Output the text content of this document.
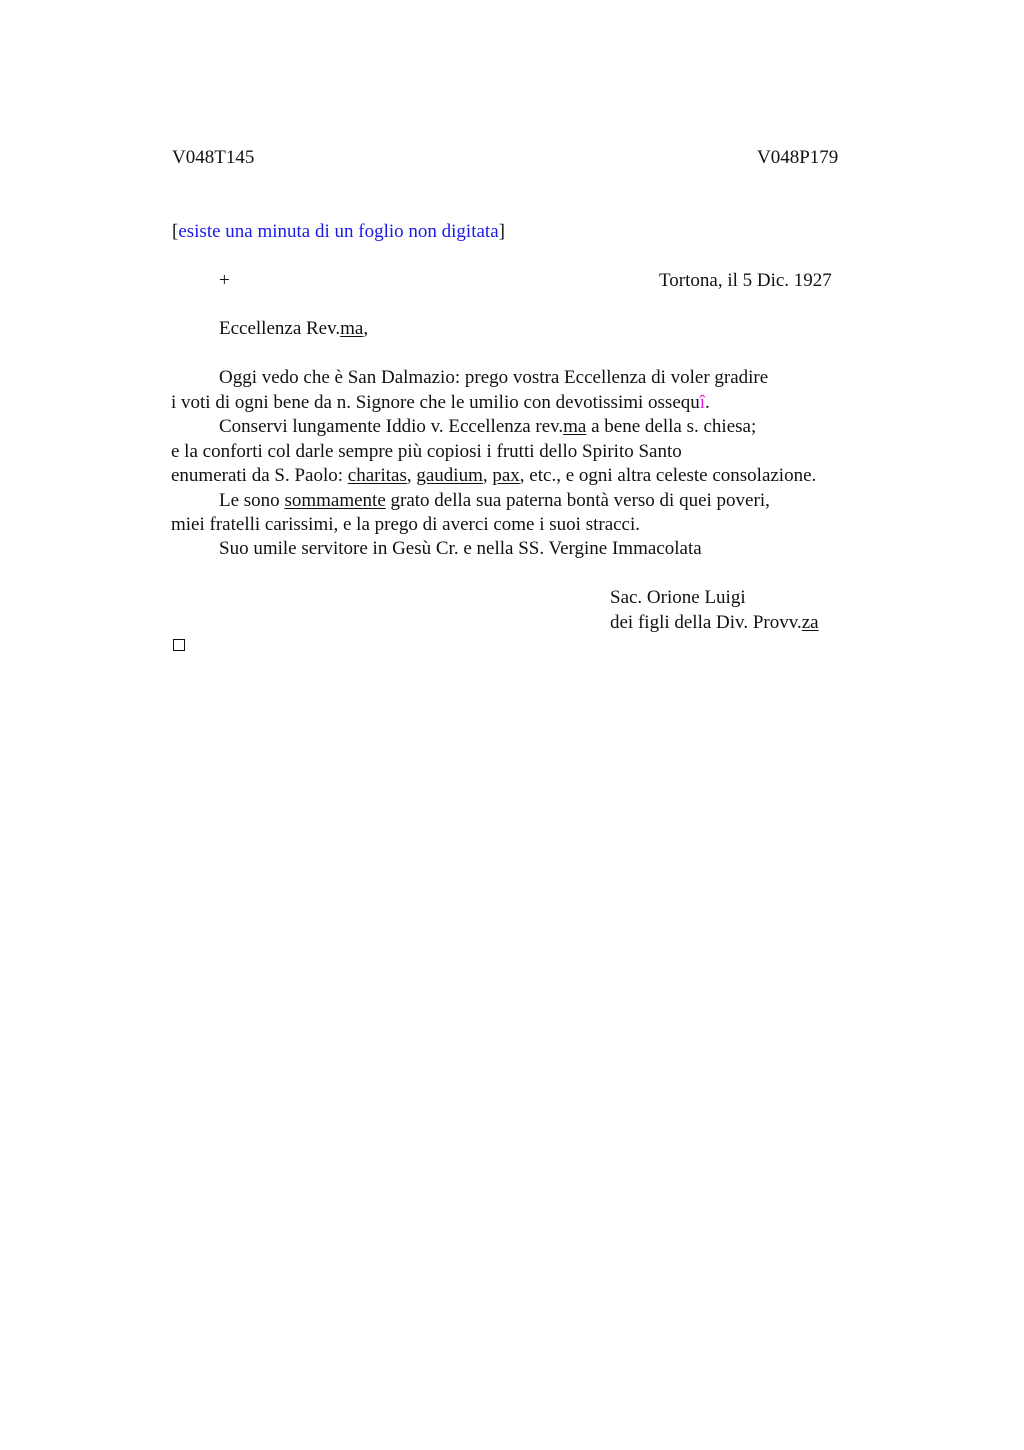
V048T145	V048P179
[esiste una minuta di un foglio non digitata]
+	Tortona, il 5 Dic. 1927
Eccellenza Rev.ma,
Oggi vedo che è San Dalmazio: prego vostra Eccellenza di voler gradire
i voti di ogni bene da n. Signore che le umilio con devotissimi ossequî.
Conservi lungamente Iddio v. Eccellenza rev.ma a bene della s. chiesa;
e la conforti col darle sempre più copiosi i frutti dello Spirito Santo
enumerati da S. Paolo: charitas, gaudium, pax, etc., e ogni altra celeste consolazione.
Le sono sommamente grato della sua paterna bontà verso di quei poveri,
miei fratelli carissimi, e la prego di averci come i suoi stracci.
Suo umile servitore in Gesù Cr. e nella SS. Vergine Immacolata
Sac. Orione Luigi
dei figli della Div. Provv.za
